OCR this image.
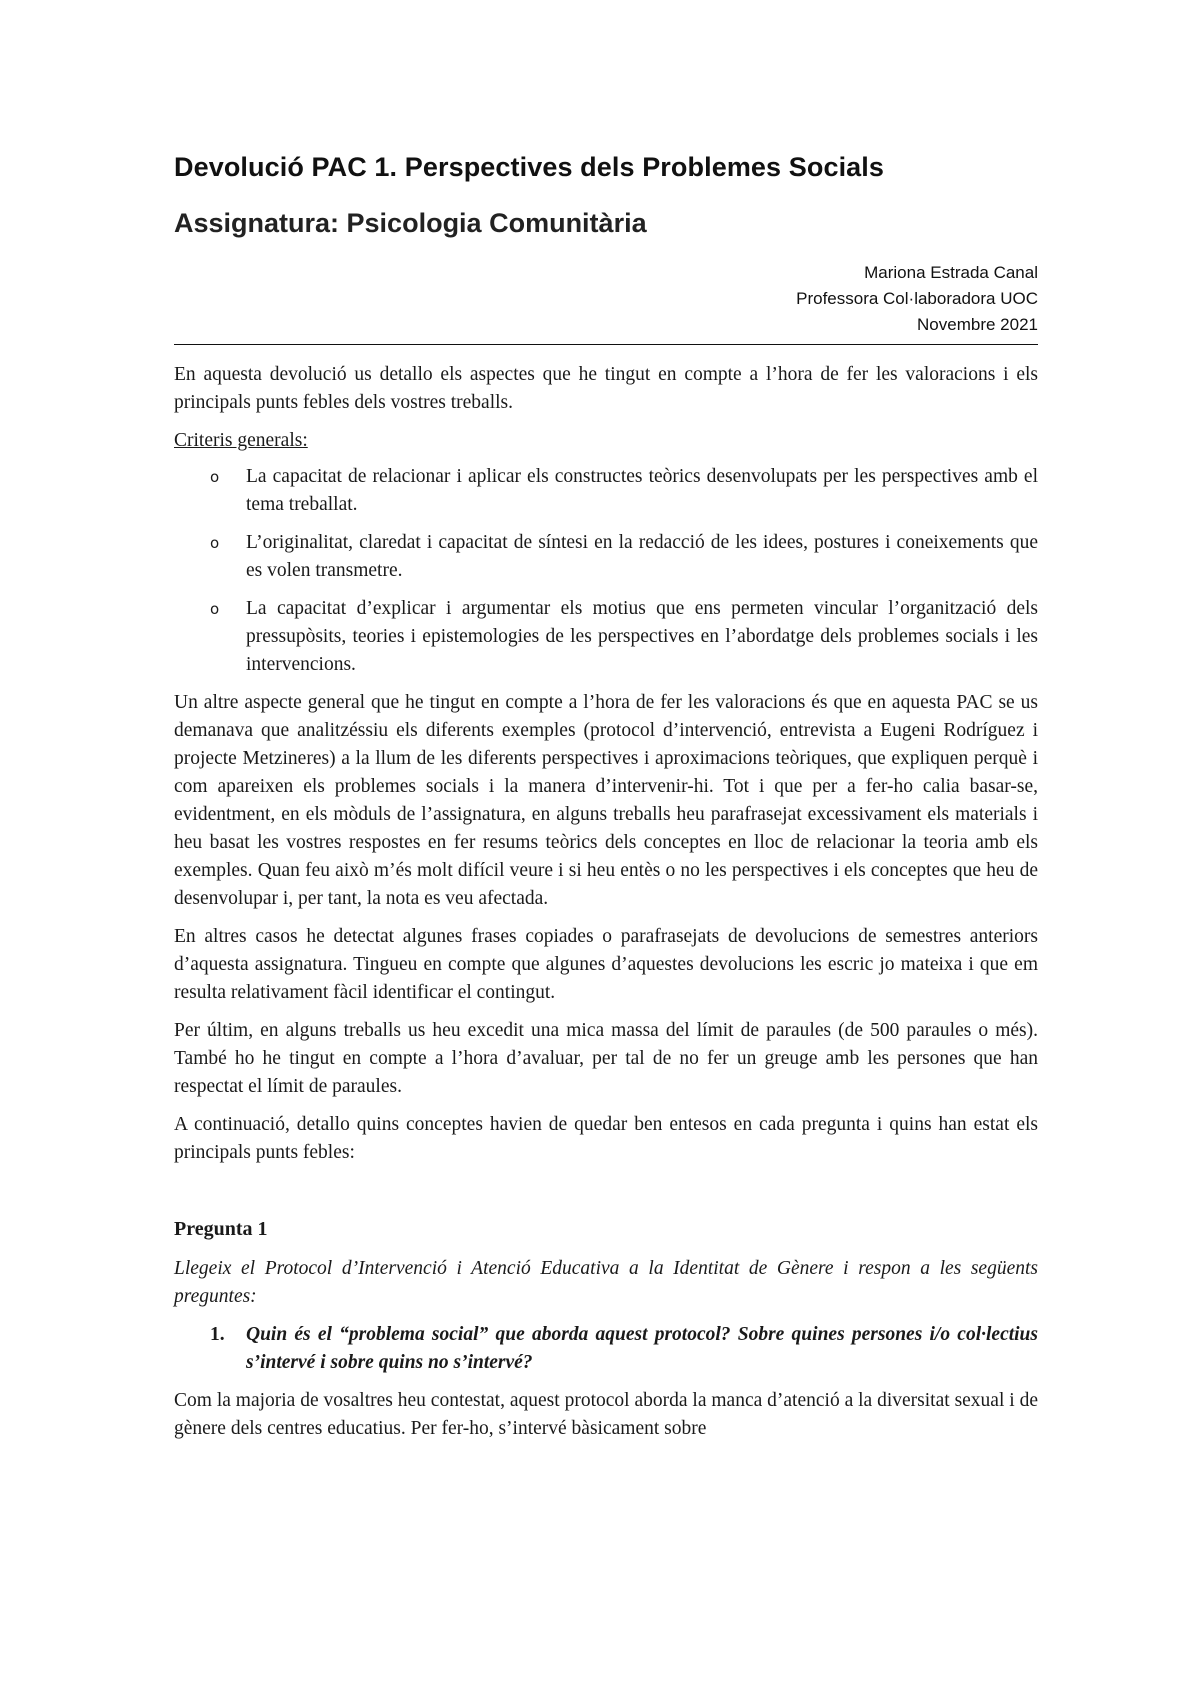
Devolució PAC 1. Perspectives dels Problemes Socials
Assignatura: Psicologia Comunitària
Mariona Estrada Canal
Professora Col·laboradora UOC
Novembre 2021

En aquesta devolució us detallo els aspectes que he tingut en compte a l’hora de fer les valoracions i els principals punts febles dels vostres treballs.

Criteris generals:

o La capacitat de relacionar i aplicar els constructes teòrics desenvolupats per les perspectives amb el tema treballat.
o L’originalitat, claredat i capacitat de síntesi en la redacció de les idees, postures i coneixements que es volen transmetre.
o La capacitat d’explicar i argumentar els motius que ens permeten vincular l’organització dels pressupòsits, teories i epistemologies de les perspectives en l’abordatge dels problemes socials i les intervencions.

Un altre aspecte general que he tingut en compte a l’hora de fer les valoracions és que en aquesta PAC se us demanava que analitzéssiu els diferents exemples (protocol d’intervenció, entrevista a Eugeni Rodríguez i projecte Metzineres) a la llum de les diferents perspectives i aproximacions teòriques, que expliquen perquè i com apareixen els problemes socials i la manera d’intervenir-hi. Tot i que per a fer-ho calia basar-se, evidentment, en els mòduls de l’assignatura, en alguns treballs heu parafrasejat excessivament els materials i heu basat les vostres respostes en fer resums teòrics dels conceptes en lloc de relacionar la teoria amb els exemples. Quan feu això m’és molt difícil veure i si heu entès o no les perspectives i els conceptes que heu de desenvolupar i, per tant, la nota es veu afectada.

En altres casos he detectat algunes frases copiades o parafrasejats de devolucions de semestres anteriors d’aquesta assignatura. Tingueu en compte que algunes d’aquestes devolucions les escric jo mateixa i que em resulta relativament fàcil identificar el contingut.

Per últim, en alguns treballs us heu excedit una mica massa del límit de paraules (de 500 paraules o més). També ho he tingut en compte a l’hora d’avaluar, per tal de no fer un greuge amb les persones que han respectat el límit de paraules.

A continuació, detallo quins conceptes havien de quedar ben entesos en cada pregunta i quins han estat els principals punts febles:

Pregunta 1

Llegeix el Protocol d’Intervenció i Atenció Educativa a la Identitat de Gènere i respon a les següents preguntes:

1. Quin és el “problema social” que aborda aquest protocol? Sobre quines persones i/o col·lectius s’intervé i sobre quins no s’intervé?

Com la majoria de vosaltres heu contestat, aquest protocol aborda la manca d’atenció a la diversitat sexual i de gènere dels centres educatius. Per fer-ho, s’intervé bàsicament sobre
